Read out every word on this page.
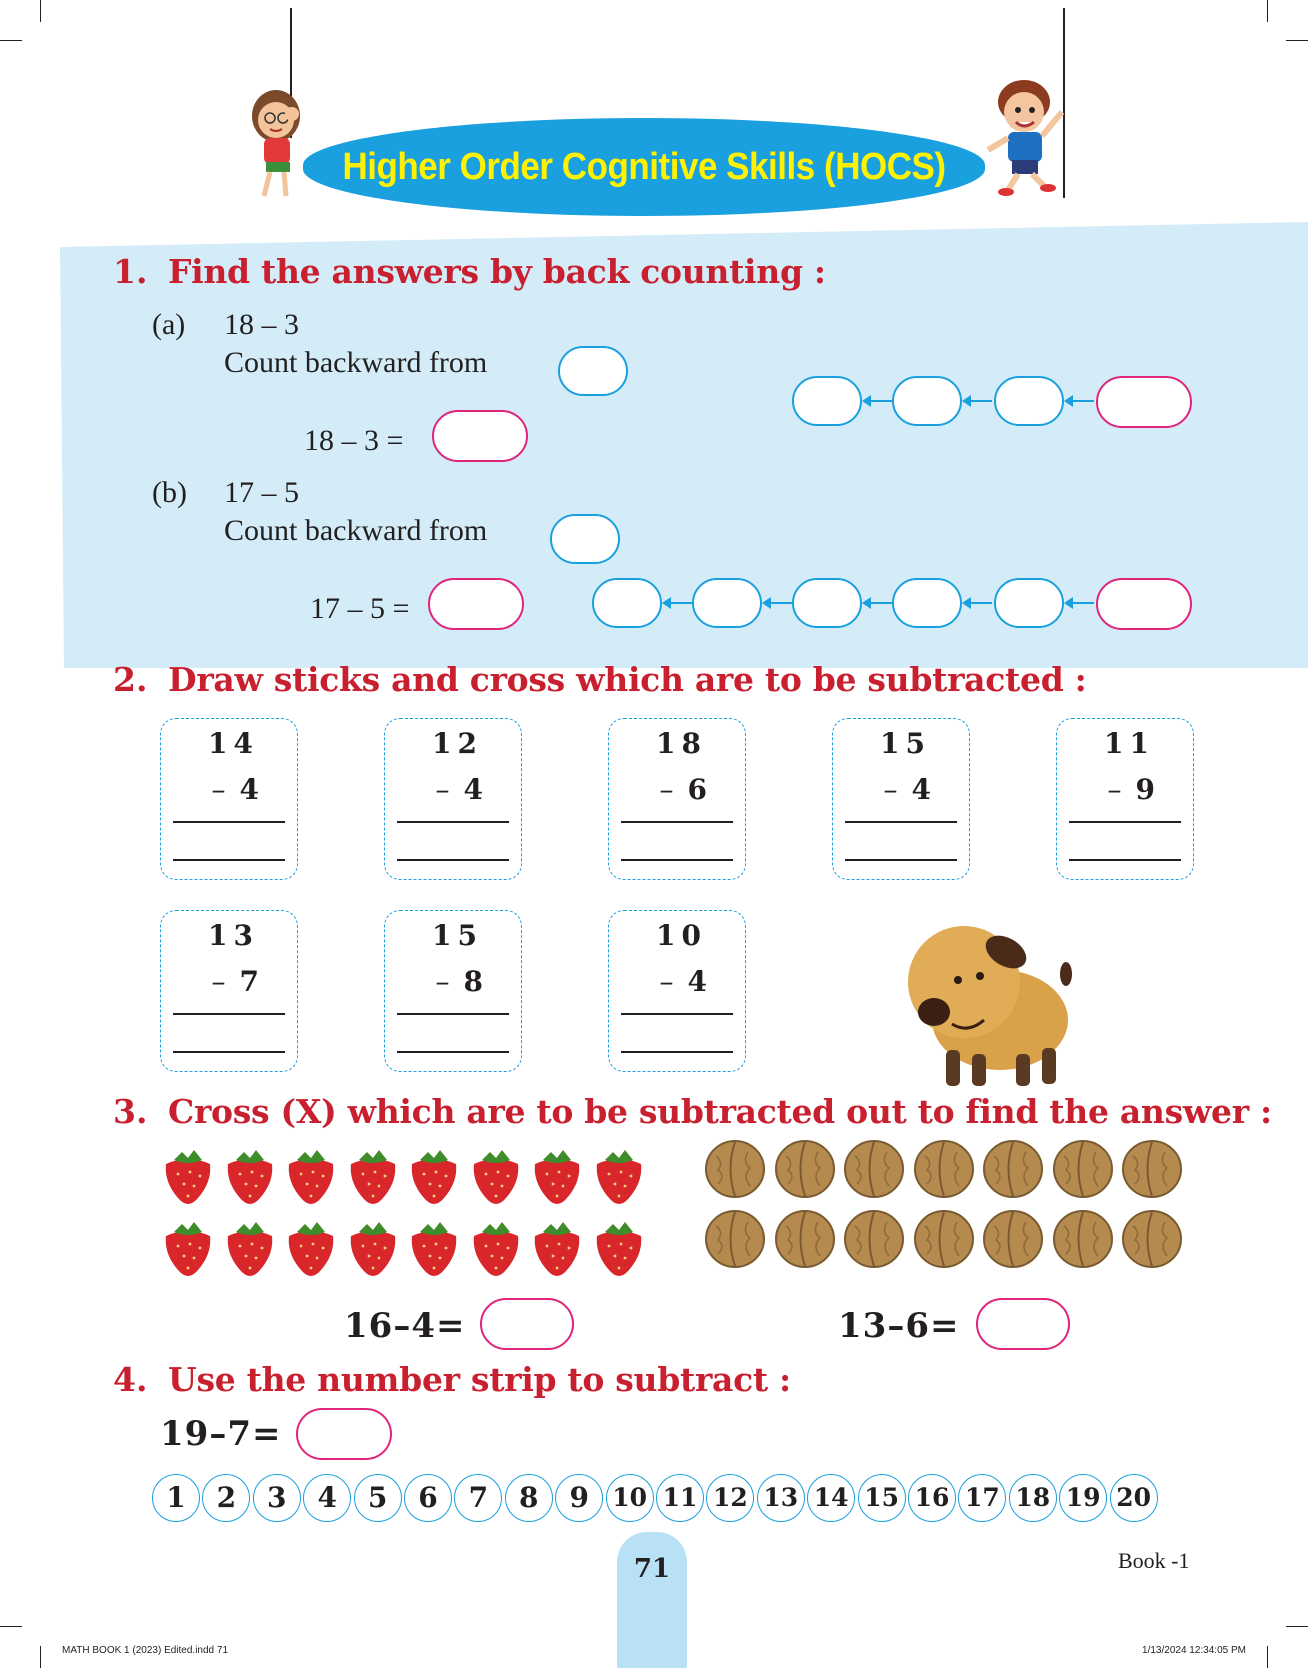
Higher Order Cognitive Skills (HOCS)
1. Find the answers by back counting :
(a) 18 – 3
Count backward from
18 – 3 =
(b) 17 – 5
Count backward from
17 – 5 =
2. Draw sticks and cross which are to be subtracted :
14
– 4
12
– 4
18
– 6
15
– 4
11
– 9
13
– 7
15
– 8
10
– 4
3. Cross (X) which are to be subtracted out to find the answer :
16–4=	13–6=
4. Use the number strip to subtract :
19–7=
1	2	3	4	5	6	7	8	9 10 11 12 13 14 15 16 17 18 19 20
71	Book -1
MATH BOOK 1 (2023) Edited.indd 71	1/13/2024 12:34:05 PM
